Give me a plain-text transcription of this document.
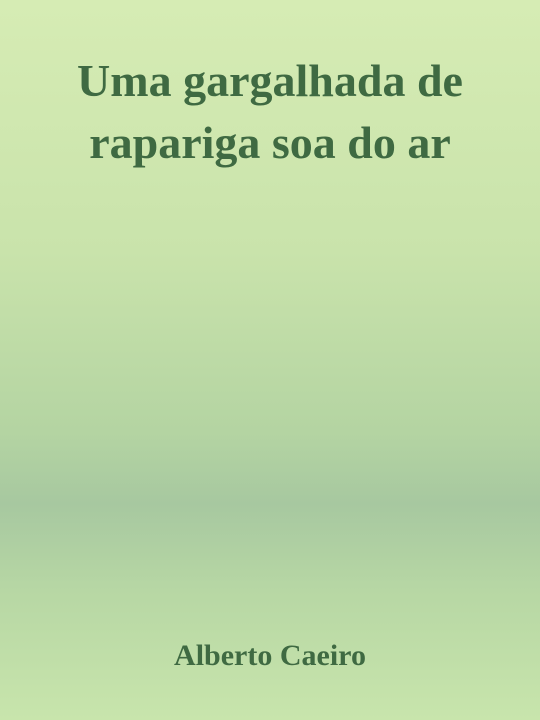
Uma gargalhada de rapariga soa do ar
Alberto Caeiro
